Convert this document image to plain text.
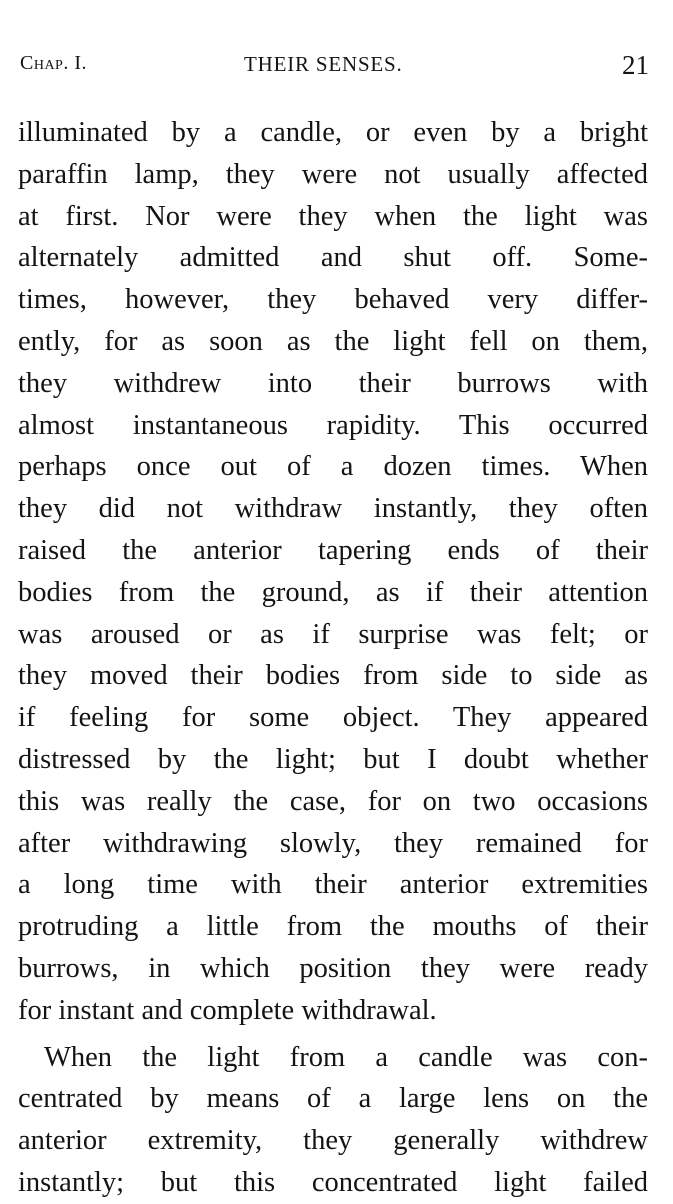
Chap. I.	THEIR SENSES.	21
illuminated by a candle, or even by a bright
paraffin lamp, they were not usually affected
at first. Nor were they when the light was
alternately admitted and shut off. Some-
times, however, they behaved very differ-
ently, for as soon as the light fell on them,
they withdrew into their burrows with
almost instantaneous rapidity. This occurred
perhaps once out of a dozen times. When
they did not withdraw instantly, they often
raised the anterior tapering ends of their
bodies from the ground, as if their attention
was aroused or as if surprise was felt; or
they moved their bodies from side to side as
if feeling for some object. They appeared
distressed by the light; but I doubt whether
this was really the case, for on two occasions
after withdrawing slowly, they remained for
a long time with their anterior extremities
protruding a little from the mouths of their
burrows, in which position they were ready
for instant and complete withdrawal.
When the light from a candle was con-
centrated by means of a large lens on the
anterior extremity, they generally withdrew
instantly; but this concentrated light failed
